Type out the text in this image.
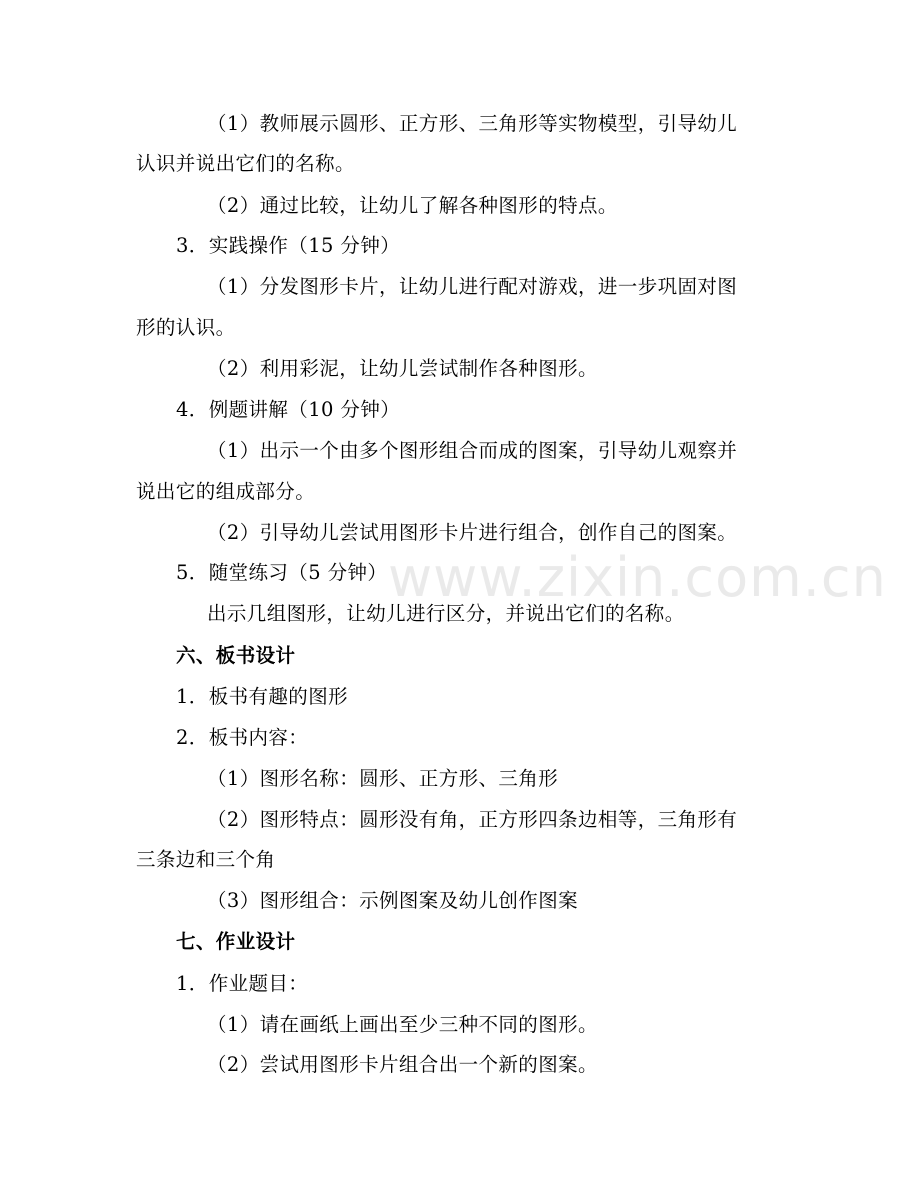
www.zixin.com.cn
（1）教师展示圆形、正方形、三角形等实物模型，引导幼儿
认识并说出它们的名称。
（2）通过比较，让幼儿了解各种图形的特点。
3．实践操作（15 分钟）
（1）分发图形卡片，让幼儿进行配对游戏，进一步巩固对图
形的认识。
（2）利用彩泥，让幼儿尝试制作各种图形。
4．例题讲解（10 分钟）
（1）出示一个由多个图形组合而成的图案，引导幼儿观察并
说出它的组成部分。
（2）引导幼儿尝试用图形卡片进行组合，创作自己的图案。
5．随堂练习（5 分钟）
出示几组图形，让幼儿进行区分，并说出它们的名称。
六、板书设计
1．板书有趣的图形
2．板书内容：
（1）图形名称：圆形、正方形、三角形
（2）图形特点：圆形没有角，正方形四条边相等，三角形有
三条边和三个角
（3）图形组合：示例图案及幼儿创作图案
七、作业设计
1．作业题目：
（1）请在画纸上画出至少三种不同的图形。
（2）尝试用图形卡片组合出一个新的图案。
